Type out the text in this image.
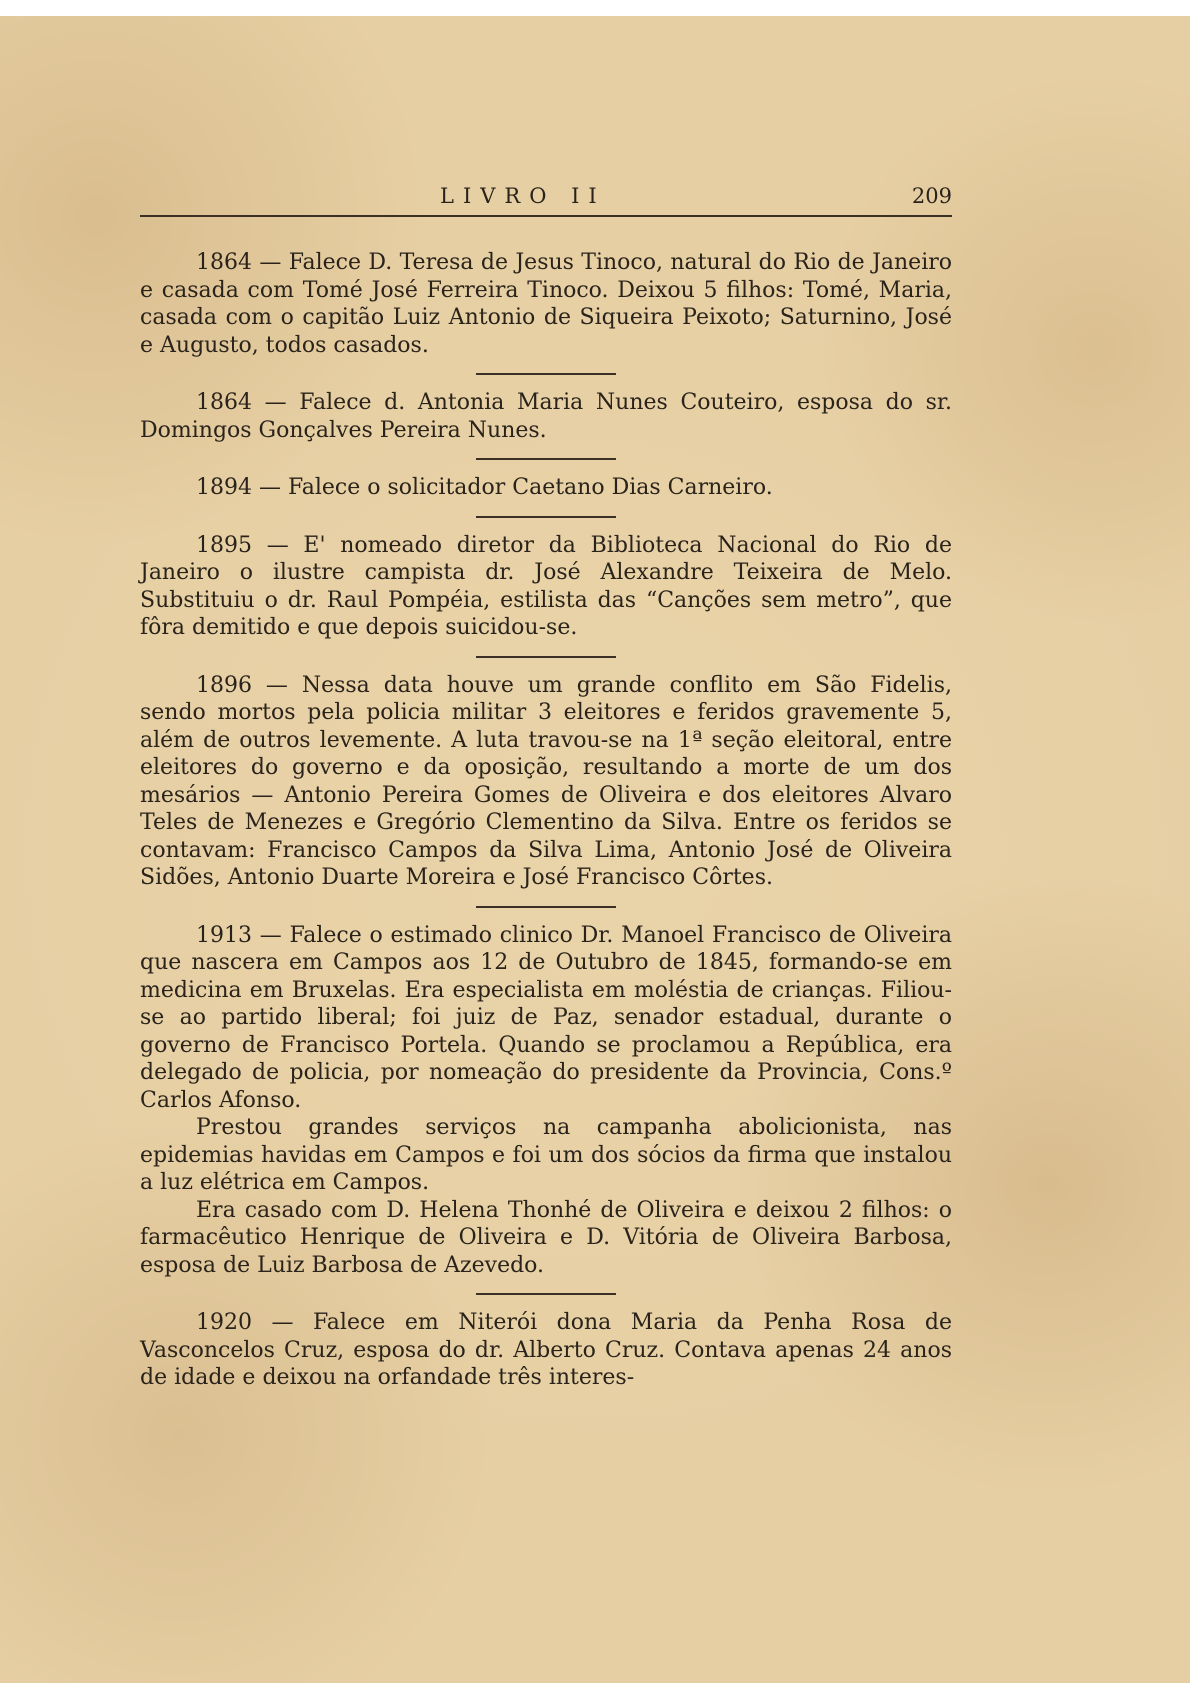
LIVRO II	209

1864 — Falece D. Teresa de Jesus Tinoco, natural do Rio de Janeiro e casada com Tomé José Ferreira Tinoco. Deixou 5 filhos: Tomé, Maria, casada com o capitão Luiz Antonio de Siqueira Peixoto; Saturnino, José e Augusto, todos casados.

1864 — Falece d. Antonia Maria Nunes Couteiro, esposa do sr. Domingos Gonçalves Pereira Nunes.

1894 — Falece o solicitador Caetano Dias Carneiro.

1895 — E' nomeado diretor da Biblioteca Nacional do Rio de Janeiro o ilustre campista dr. José Alexandre Teixeira de Melo. Substituiu o dr. Raul Pompéia, estilista das “Canções sem metro”, que fôra demitido e que depois suicidou-se.

1896 — Nessa data houve um grande conflito em São Fidelis, sendo mortos pela policia militar 3 eleitores e feridos gravemente 5, além de outros levemente. A luta travou-se na 1ª seção eleitoral, entre eleitores do governo e da oposição, resultando a morte de um dos mesários — Antonio Pereira Gomes de Oliveira e dos eleitores Alvaro Teles de Menezes e Gregório Clementino da Silva. Entre os feridos se contavam: Francisco Campos da Silva Lima, Antonio José de Oliveira Sidões, Antonio Duarte Moreira e José Francisco Côrtes.

1913 — Falece o estimado clinico Dr. Manoel Francisco de Oliveira que nascera em Campos aos 12 de Outubro de 1845, formando-se em medicina em Bruxelas. Era especialista em moléstia de crianças. Filiou-se ao partido liberal; foi juiz de Paz, senador estadual, durante o governo de Francisco Portela. Quando se proclamou a República, era delegado de policia, por nomeação do presidente da Provincia, Cons.º Carlos Afonso.

Prestou grandes serviços na campanha abolicionista, nas epidemias havidas em Campos e foi um dos sócios da firma que instalou a luz elétrica em Campos.

Era casado com D. Helena Thonhé de Oliveira e deixou 2 filhos: o farmacêutico Henrique de Oliveira e D. Vitória de Oliveira Barbosa, esposa de Luiz Barbosa de Azevedo.

1920 — Falece em Niterói dona Maria da Penha Rosa de Vasconcelos Cruz, esposa do dr. Alberto Cruz. Contava apenas 24 anos de idade e deixou na orfandade três interes-
